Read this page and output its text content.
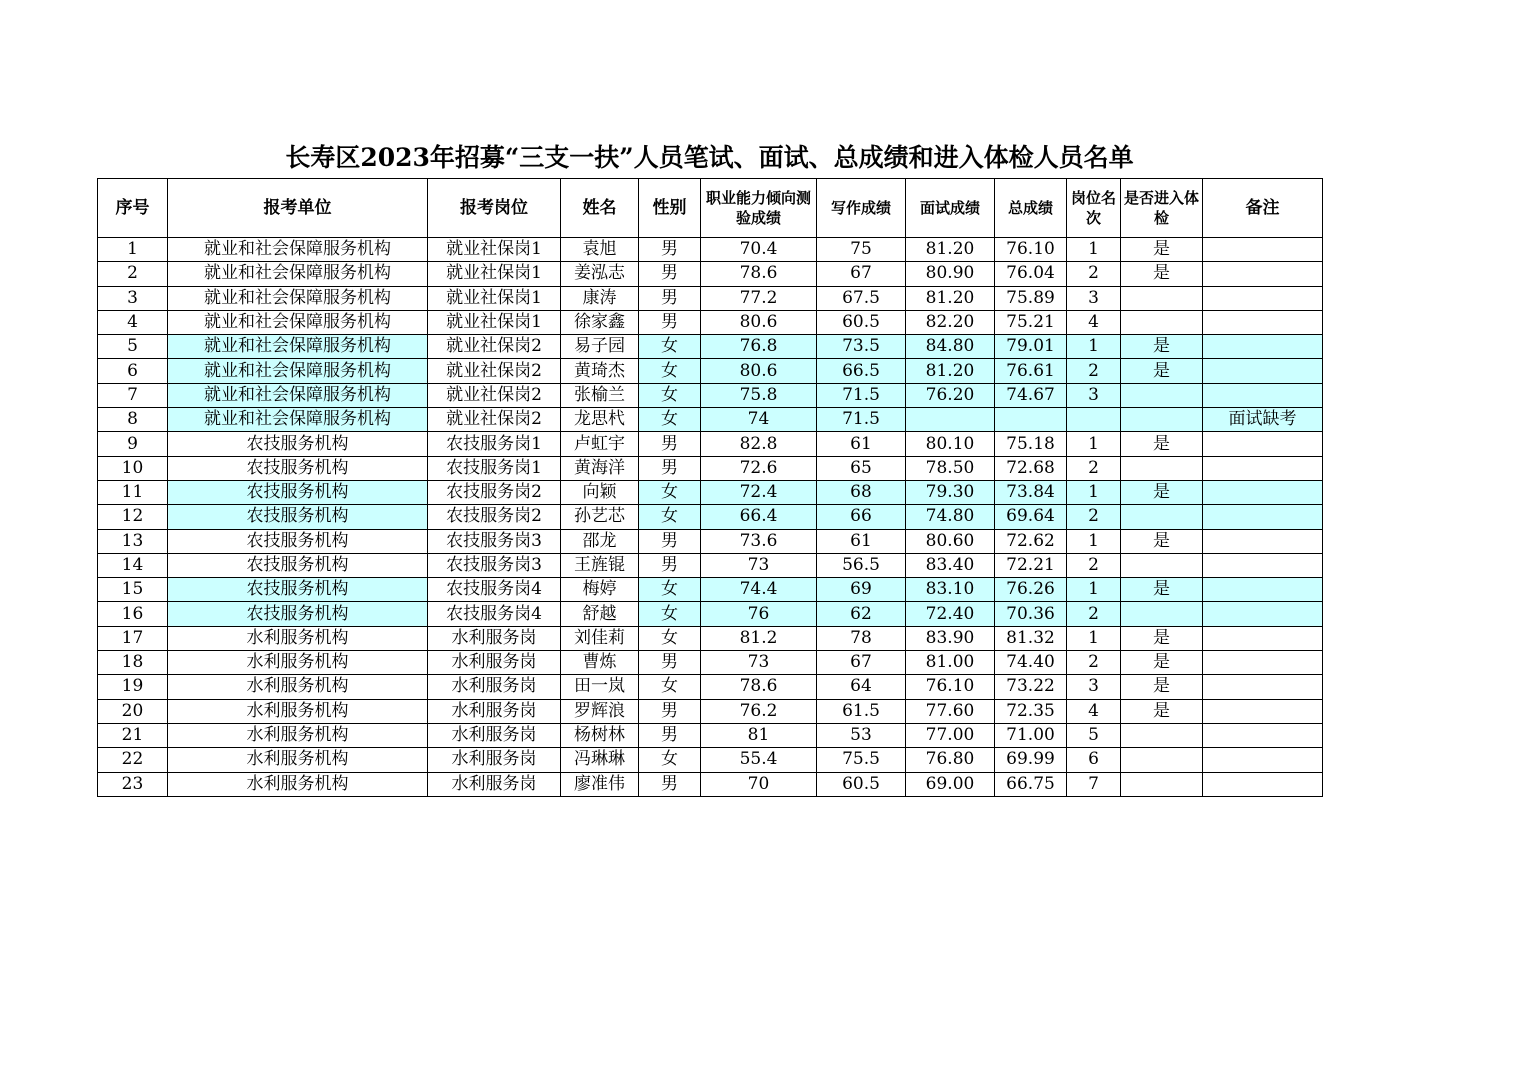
长寿区2023年招募“三支一扶”人员笔试、面试、总成绩和进入体检人员名单
序号	报考单位	报考岗位	姓名	性别	职业能力倾向测验成绩	写作成绩	面试成绩	总成绩	岗位名次	是否进入体检	备注
1	就业和社会保障服务机构	就业社保岗1	袁旭	男	70.4	75	81.20	76.10	1	是	
2	就业和社会保障服务机构	就业社保岗1	姜泓志	男	78.6	67	80.90	76.04	2	是	
3	就业和社会保障服务机构	就业社保岗1	康涛	男	77.2	67.5	81.20	75.89	3		
4	就业和社会保障服务机构	就业社保岗1	徐家鑫	男	80.6	60.5	82.20	75.21	4		
5	就业和社会保障服务机构	就业社保岗2	易子园	女	76.8	73.5	84.80	79.01	1	是	
6	就业和社会保障服务机构	就业社保岗2	黄琦杰	女	80.6	66.5	81.20	76.61	2	是	
7	就业和社会保障服务机构	就业社保岗2	张榆兰	女	75.8	71.5	76.20	74.67	3		
8	就业和社会保障服务机构	就业社保岗2	龙思杙	女	74	71.5					面试缺考
9	农技服务机构	农技服务岗1	卢虹宇	男	82.8	61	80.10	75.18	1	是	
10	农技服务机构	农技服务岗1	黄海洋	男	72.6	65	78.50	72.68	2		
11	农技服务机构	农技服务岗2	向颖	女	72.4	68	79.30	73.84	1	是	
12	农技服务机构	农技服务岗2	孙艺芯	女	66.4	66	74.80	69.64	2		
13	农技服务机构	农技服务岗3	邵龙	男	73.6	61	80.60	72.62	1	是	
14	农技服务机构	农技服务岗3	王旌锟	男	73	56.5	83.40	72.21	2		
15	农技服务机构	农技服务岗4	梅婷	女	74.4	69	83.10	76.26	1	是	
16	农技服务机构	农技服务岗4	舒越	女	76	62	72.40	70.36	2		
17	水利服务机构	水利服务岗	刘佳莉	女	81.2	78	83.90	81.32	1	是	
18	水利服务机构	水利服务岗	曹炼	男	73	67	81.00	74.40	2	是	
19	水利服务机构	水利服务岗	田一岚	女	78.6	64	76.10	73.22	3	是	
20	水利服务机构	水利服务岗	罗辉浪	男	76.2	61.5	77.60	72.35	4	是	
21	水利服务机构	水利服务岗	杨树林	男	81	53	77.00	71.00	5		
22	水利服务机构	水利服务岗	冯琳琳	女	55.4	75.5	76.80	69.99	6		
23	水利服务机构	水利服务岗	廖准伟	男	70	60.5	69.00	66.75	7		
